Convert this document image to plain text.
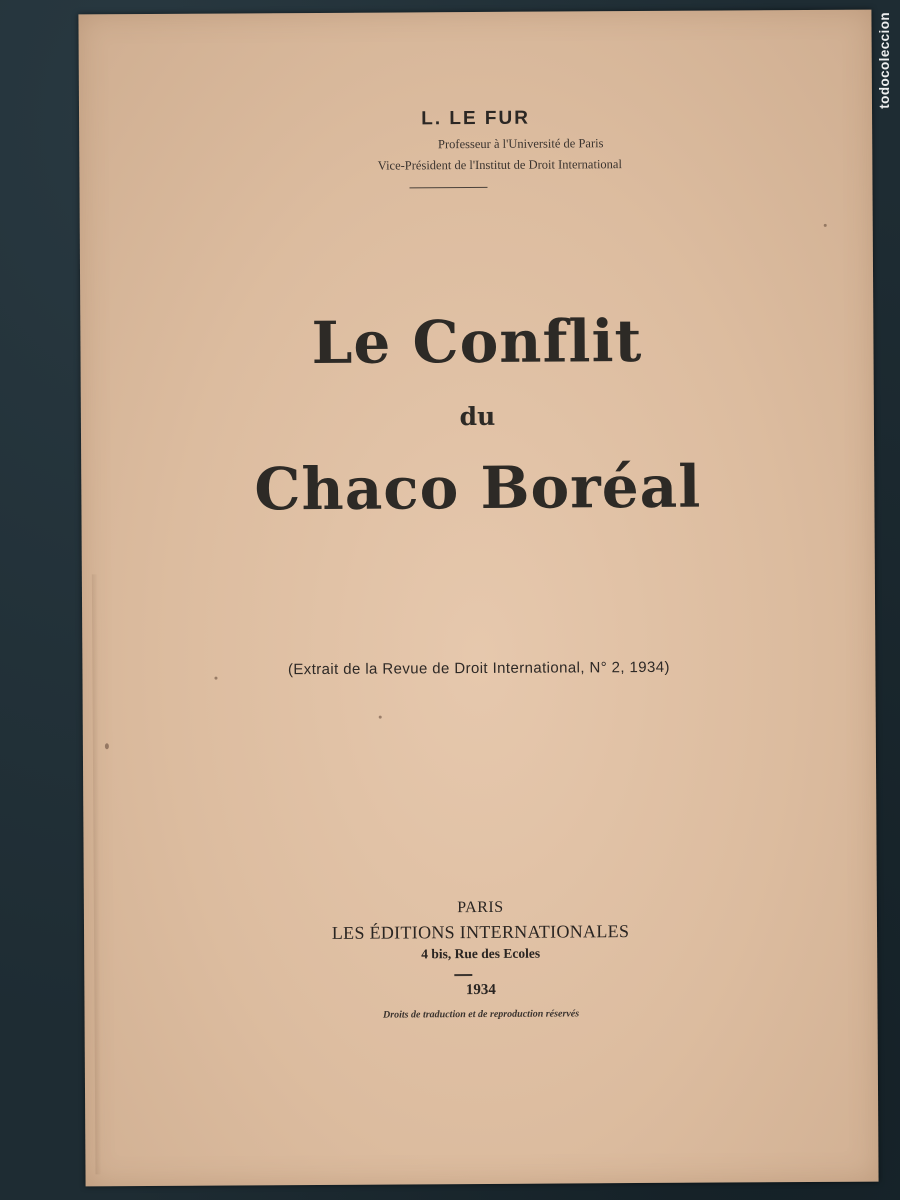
L. LE FUR
Professeur à l'Université de Paris
Vice-Président de l'Institut de Droit International
Le Conflit
du
Chaco Boréal
(Extrait de la Revue de Droit International, N° 2, 1934)
PARIS
LES ÉDITIONS INTERNATIONALES
4 bis, Rue des Ecoles
1934
Droits de traduction et de reproduction réservés
todocoleccion
